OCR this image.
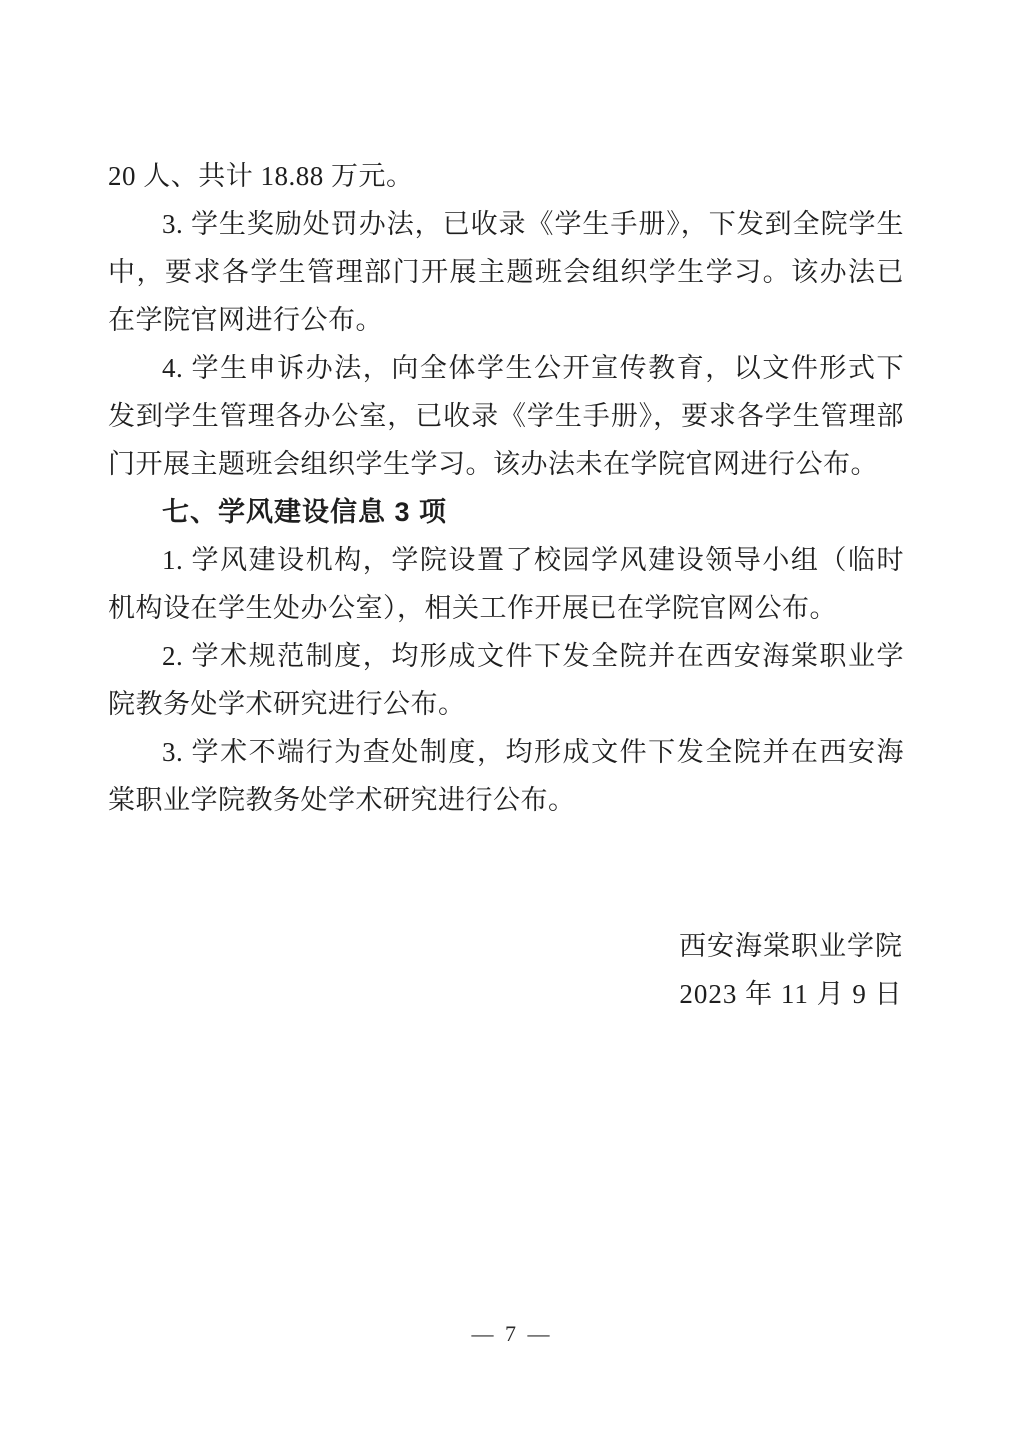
20 人、共计 18.88 万元。

3. 学生奖励处罚办法，已收录《学生手册》，下发到全院学生中，要求各学生管理部门开展主题班会组织学生学习。该办法已在学院官网进行公布。

4. 学生申诉办法，向全体学生公开宣传教育，以文件形式下发到学生管理各办公室，已收录《学生手册》，要求各学生管理部门开展主题班会组织学生学习。该办法未在学院官网进行公布。

七、学风建设信息 3 项

1. 学风建设机构，学院设置了校园学风建设领导小组（临时机构设在学生处办公室），相关工作开展已在学院官网公布。

2. 学术规范制度，均形成文件下发全院并在西安海棠职业学院教务处学术研究进行公布。

3. 学术不端行为查处制度，均形成文件下发全院并在西安海棠职业学院教务处学术研究进行公布。

西安海棠职业学院
2023 年 11 月 9 日
— 7 —
